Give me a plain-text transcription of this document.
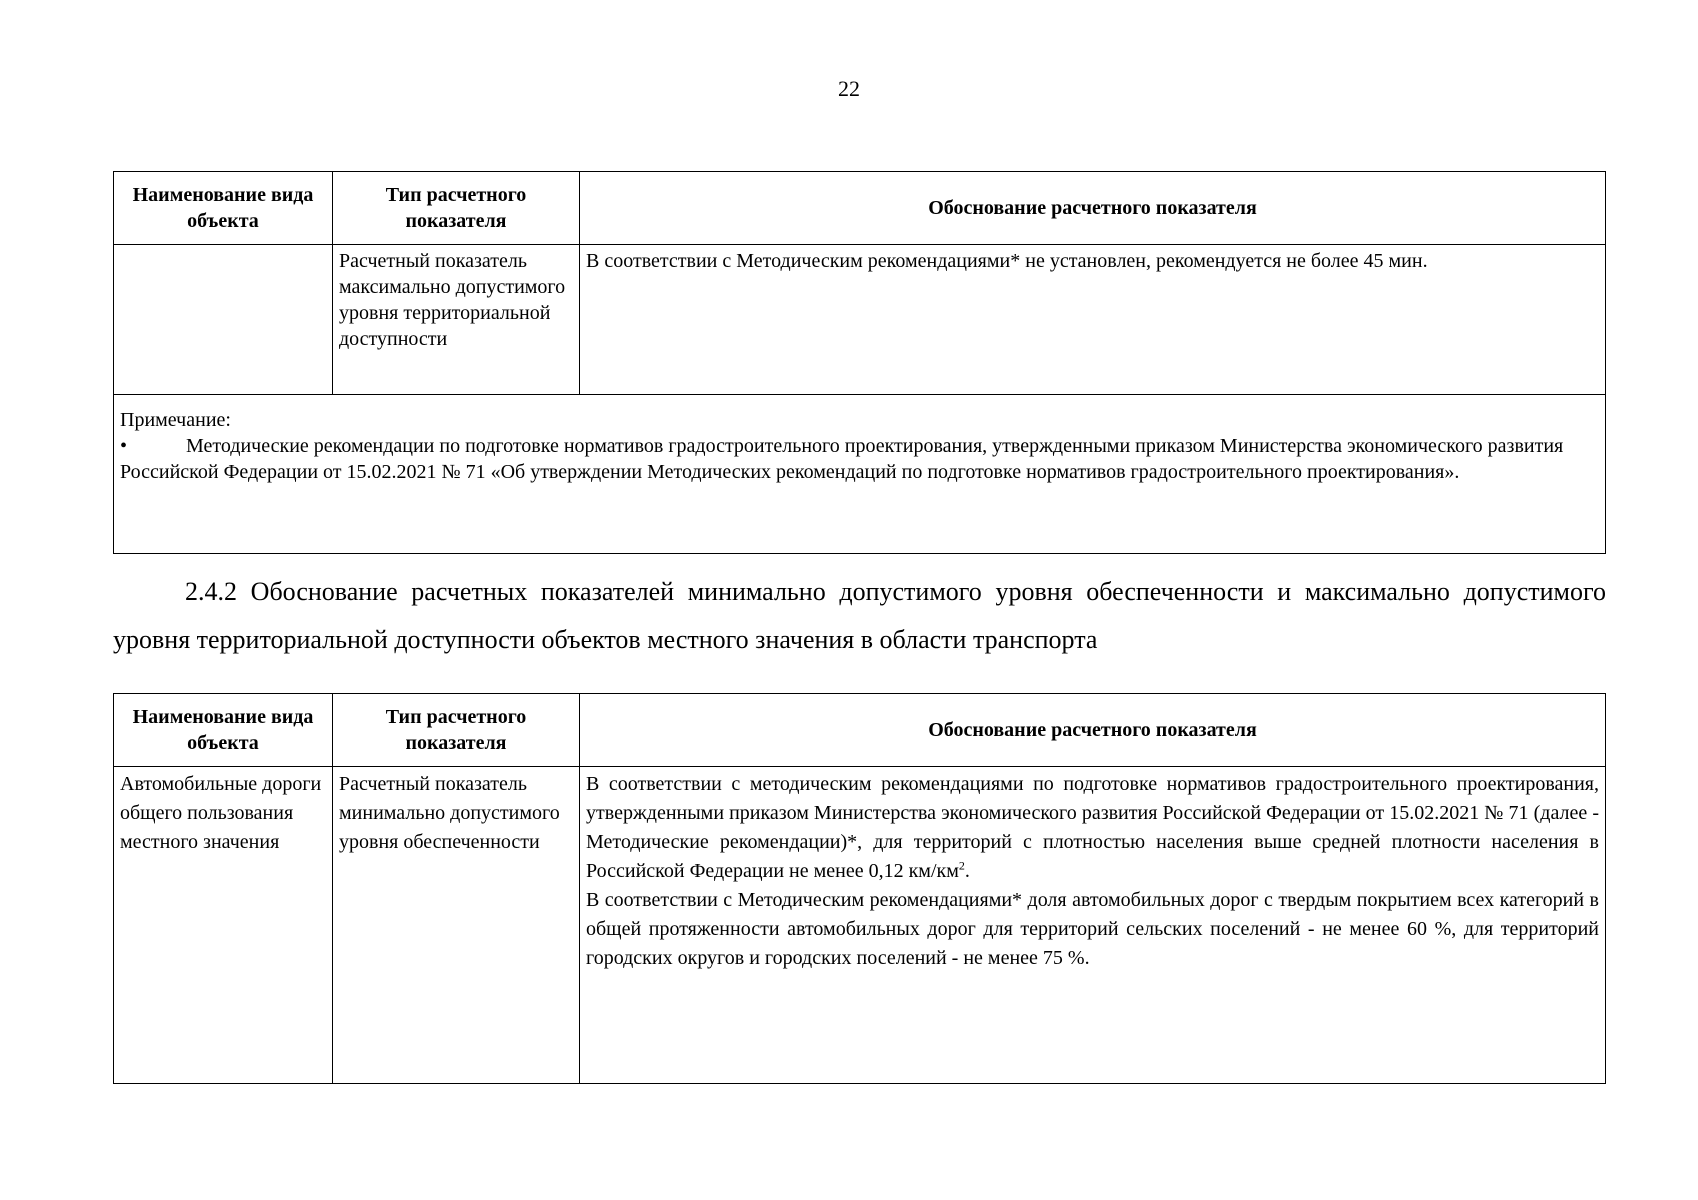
22
Наименование вида объекта	Тип расчетного показателя	Обоснование расчетного показателя
	Расчетный показатель максимально допустимого уровня территориальной доступности	В соответствии с Методическим рекомендациями* не установлен, рекомендуется не более 45 мин.

Примечание:
• Методические рекомендации по подготовке нормативов градостроительного проектирования, утвержденными приказом Министерства экономического развития Российской Федерации от 15.02.2021 № 71 «Об утверждении Методических рекомендаций по подготовке нормативов градостроительного проектирования».		
2.4.2 Обоснование расчетных показателей минимально допустимого уровня обеспеченности и максимально допустимого уровня территориальной доступности объектов местного значения в области транспорта
Наименование вида объекта	Тип расчетного показателя	Обоснование расчетного показателя
Автомобильные дороги общего пользования местного значения	Расчетный показатель минимально допустимого уровня обеспеченности	В соответствии с методическим рекомендациями по подготовке нормативов градостроительного проектирования, утвержденными приказом Министерства экономического развития Российской Федерации от 15.02.2021 № 71 (далее - Методические рекомендации)*, для территорий с плотностью населения выше средней плотности населения в Российской Федерации не менее 0,12 $км/км^2$.
В соответствии с Методическим рекомендациями* доля автомобильных дорог с твердым покрытием всех категорий в общей протяженности автомобильных дорог для территорий сельских поселений - не менее 60 %, для территорий городских округов и городских поселений - не менее 75 %.
